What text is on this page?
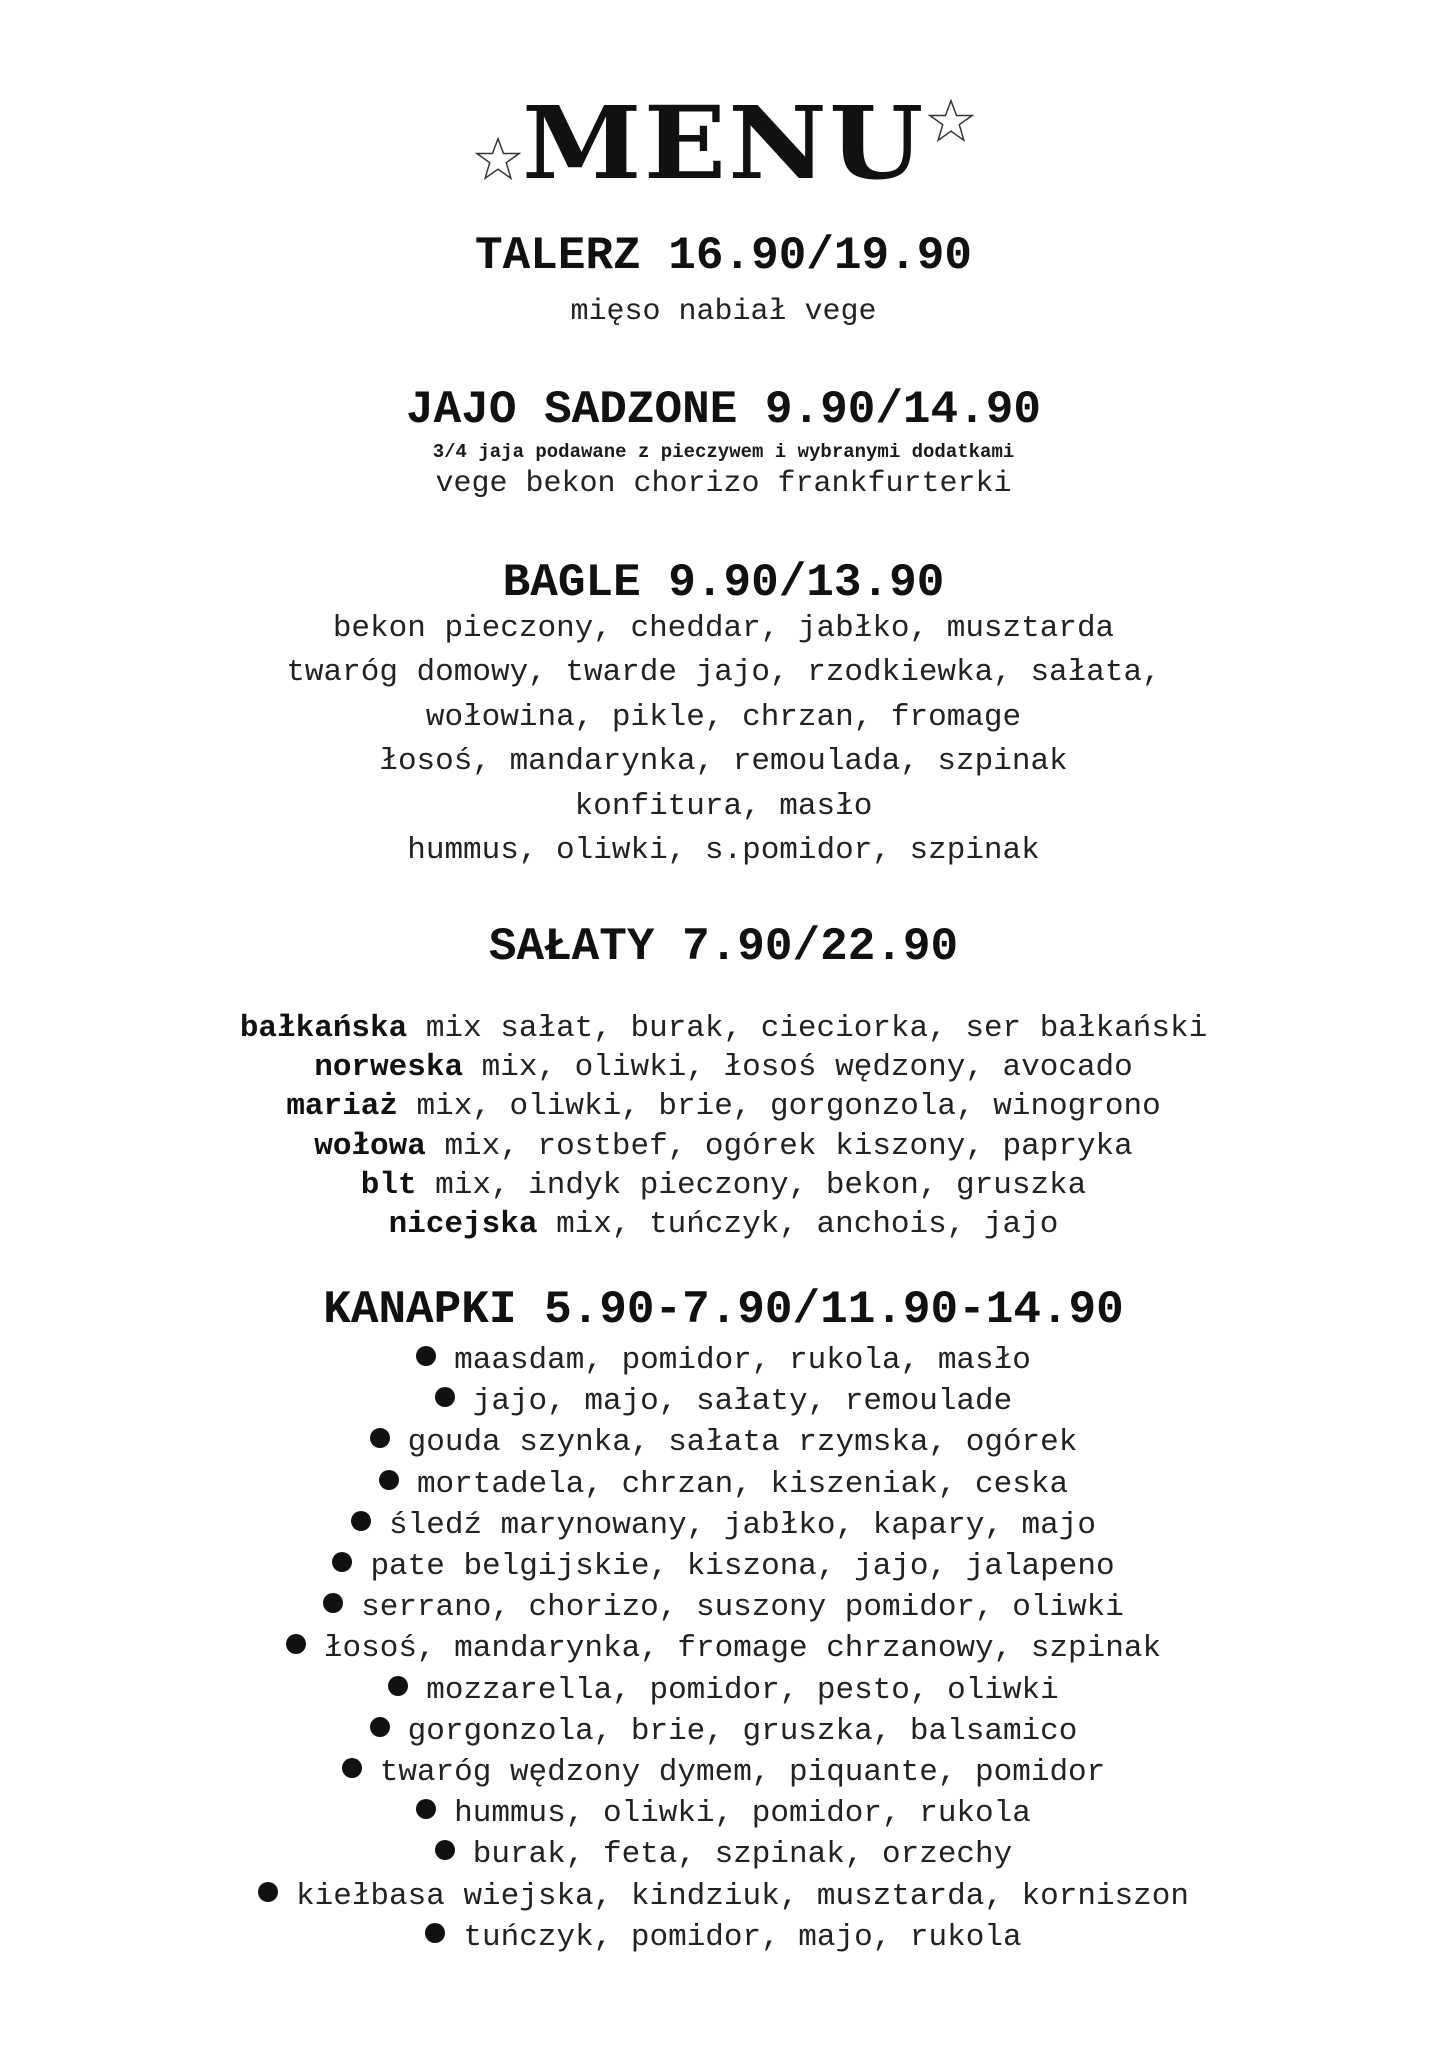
MENU
TALERZ 16.90/19.90
mięso nabiał vege
JAJO SADZONE 9.90/14.90
3/4 jaja podawane z pieczywem i wybranymi dodatkami
vege bekon chorizo frankfurterki
BAGLE 9.90/13.90
bekon pieczony, cheddar, jabłko, musztarda
twaróg domowy, twarde jajo, rzodkiewka, sałata,
wołowina, pikle, chrzan, fromage
łosoś, mandarynka, remoulada, szpinak
konfitura, masło
hummus, oliwki, s.pomidor, szpinak
SAŁATY 7.90/22.90
bałkańska mix sałat, burak, cieciorka, ser bałkański
norweska mix, oliwki, łosoś wędzony, avocado
mariaż mix, oliwki, brie, gorgonzola, winogrono
wołowa mix, rostbef, ogórek kiszony, papryka
blt mix, indyk pieczony, bekon, gruszka
nicejska mix, tuńczyk, anchois, jajo
KANAPKI 5.90-7.90/11.90-14.90
maasdam, pomidor, rukola, masło
jajo, majo, sałaty, remoulade
gouda szynka, sałata rzymska, ogórek
mortadela, chrzan, kiszeniak, ceska
śledź marynowany, jabłko, kapary, majo
pate belgijskie, kiszona, jajo, jalapeno
serrano, chorizo, suszony pomidor, oliwki
łosoś, mandarynka, fromage chrzanowy, szpinak
mozzarella, pomidor, pesto, oliwki
gorgonzola, brie, gruszka, balsamico
twaróg wędzony dymem, piquante, pomidor
hummus, oliwki, pomidor, rukola
burak, feta, szpinak, orzechy
kiełbasa wiejska, kindziuk, musztarda, korniszon
tuńczyk, pomidor, majo, rukola
